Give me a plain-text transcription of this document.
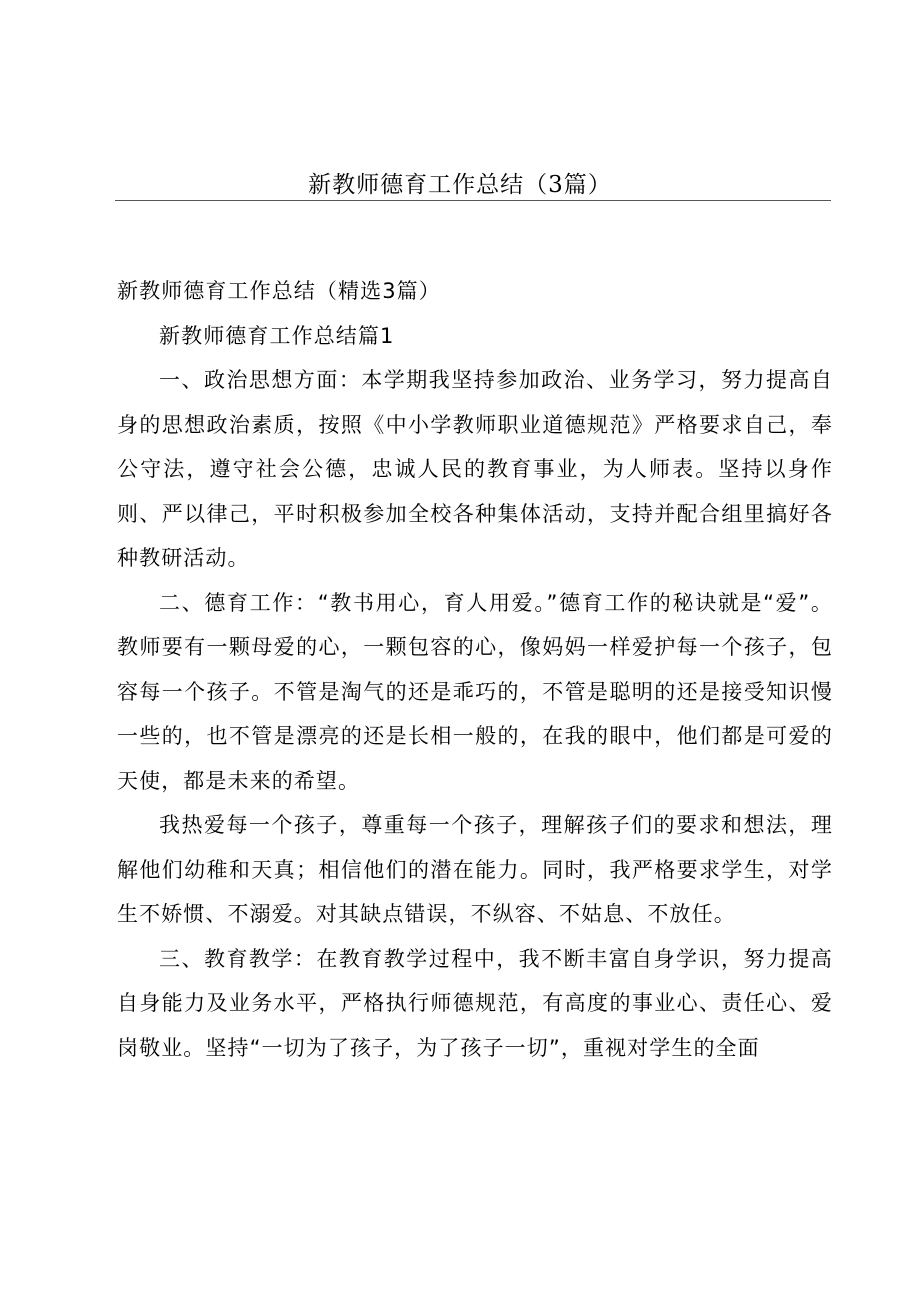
新教师德育工作总结（3篇）

新教师德育工作总结（精选3篇）

新教师德育工作总结篇1

一、政治思想方面：本学期我坚持参加政治、业务学习，努力提高自身的思想政治素质，按照《中小学教师职业道德规范》严格要求自己，奉公守法，遵守社会公德，忠诚人民的教育事业，为人师表。坚持以身作则、严以律己，平时积极参加全校各种集体活动，支持并配合组里搞好各种教研活动。

二、德育工作：“教书用心，育人用爱。”德育工作的秘诀就是“爱”。教师要有一颗母爱的心，一颗包容的心，像妈妈一样爱护每一个孩子，包容每一个孩子。不管是淘气的还是乖巧的，不管是聪明的还是接受知识慢一些的，也不管是漂亮的还是长相一般的，在我的眼中，他们都是可爱的天使，都是未来的希望。

我热爱每一个孩子，尊重每一个孩子，理解孩子们的要求和想法，理解他们幼稚和天真；相信他们的潜在能力。同时，我严格要求学生，对学生不娇惯、不溺爱。对其缺点错误，不纵容、不姑息、不放任。

三、教育教学：在教育教学过程中，我不断丰富自身学识，努力提高自身能力及业务水平，严格执行师德规范，有高度的事业心、责任心、爱岗敬业。坚持“一切为了孩子，为了孩子一切”，重视对学生的全面
